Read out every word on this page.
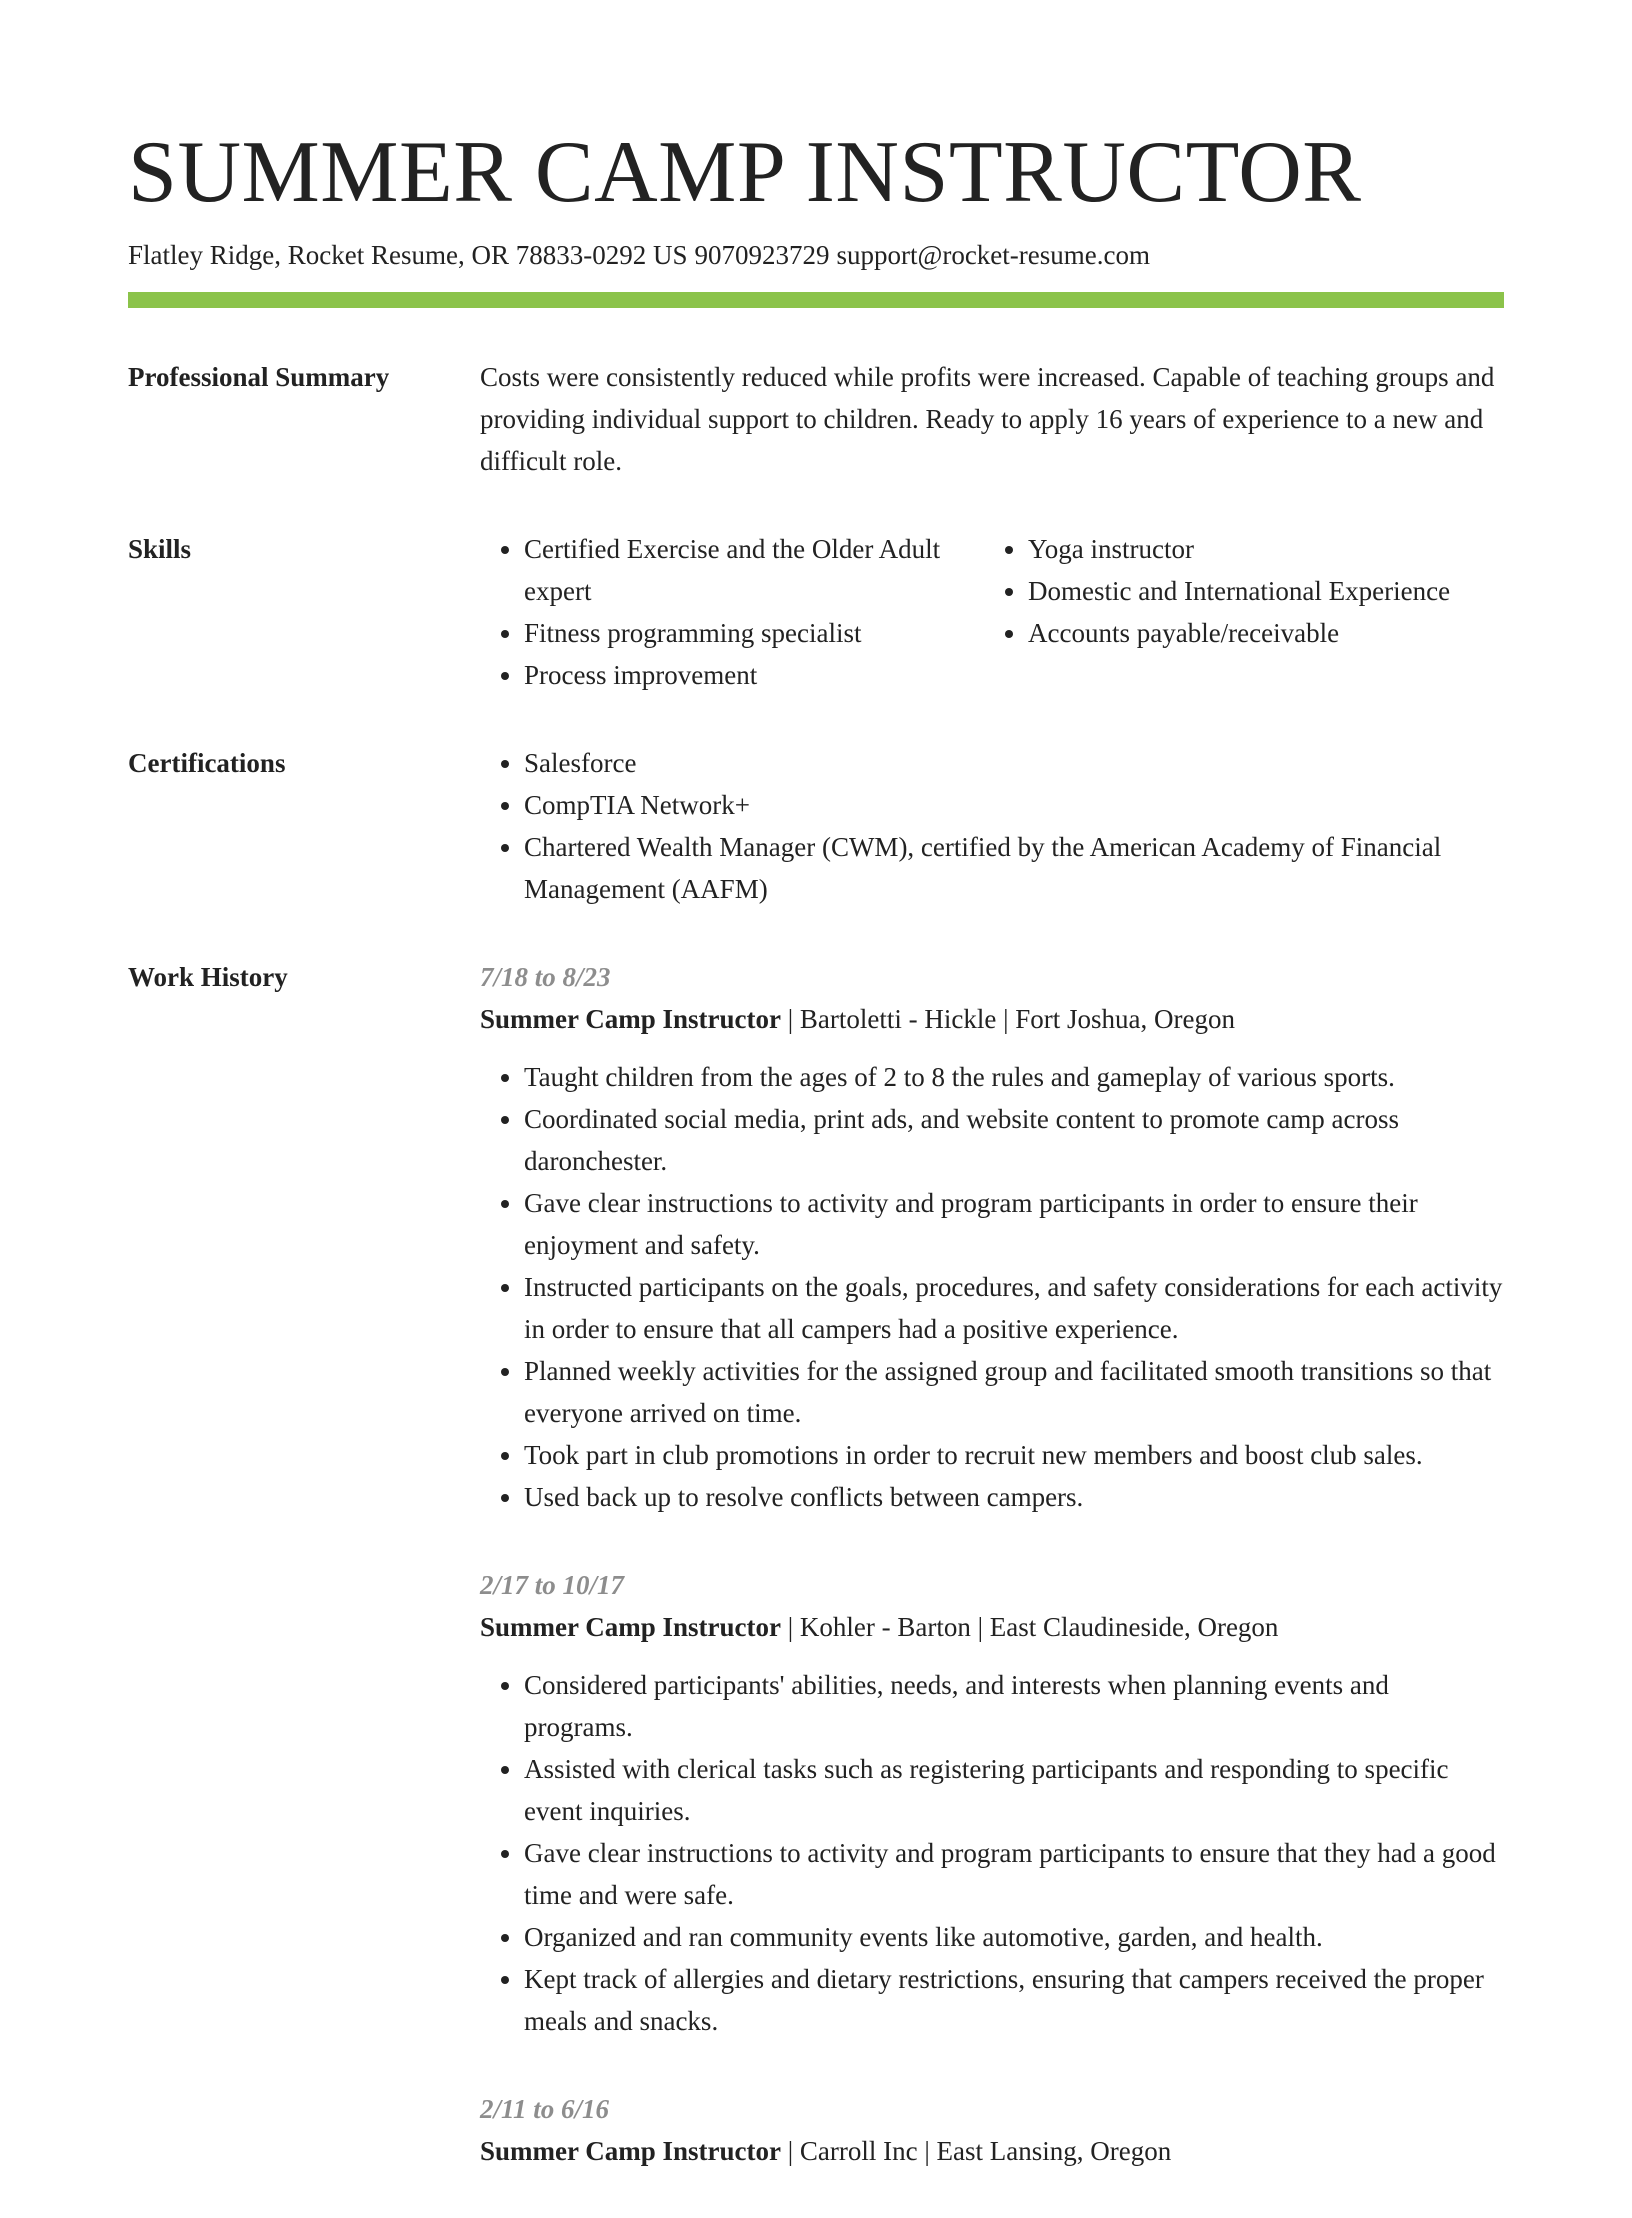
SUMMER CAMP INSTRUCTOR
Flatley Ridge, Rocket Resume, OR 78833-0292 US 9070923729 support@rocket-resume.com
Professional Summary	Costs were consistently reduced while profits were increased. Capable of teaching groups and providing individual support to children. Ready to apply 16 years of experience to a new and difficult role.

Skills	• Certified Exercise and the Older Adult expert
• Fitness programming specialist
• Process improvement
• Yoga instructor
• Domestic and International Experience
• Accounts payable/receivable
Certifications	• Salesforce
• CompTIA Network+
• Chartered Wealth Manager (CWM), certified by the American Academy of Financial Management (AAFM)
Work History	7/18 to 8/23
Summer Camp Instructor | Bartoletti - Hickle | Fort Joshua, Oregon
• Taught children from the ages of 2 to 8 the rules and gameplay of various sports.
• Coordinated social media, print ads, and website content to promote camp across daronchester.
• Gave clear instructions to activity and program participants in order to ensure their enjoyment and safety.
• Instructed participants on the goals, procedures, and safety considerations for each activity in order to ensure that all campers had a positive experience.
• Planned weekly activities for the assigned group and facilitated smooth transitions so that everyone arrived on time.
• Took part in club promotions in order to recruit new members and boost club sales.
• Used back up to resolve conflicts between campers.
2/17 to 10/17
Summer Camp Instructor | Kohler - Barton | East Claudineside, Oregon
• Considered participants' abilities, needs, and interests when planning events and programs.
• Assisted with clerical tasks such as registering participants and responding to specific event inquiries.
• Gave clear instructions to activity and program participants to ensure that they had a good time and were safe.
• Organized and ran community events like automotive, garden, and health.
• Kept track of allergies and dietary restrictions, ensuring that campers received the proper meals and snacks.
2/11 to 6/16
Summer Camp Instructor | Carroll Inc | East Lansing, Oregon
